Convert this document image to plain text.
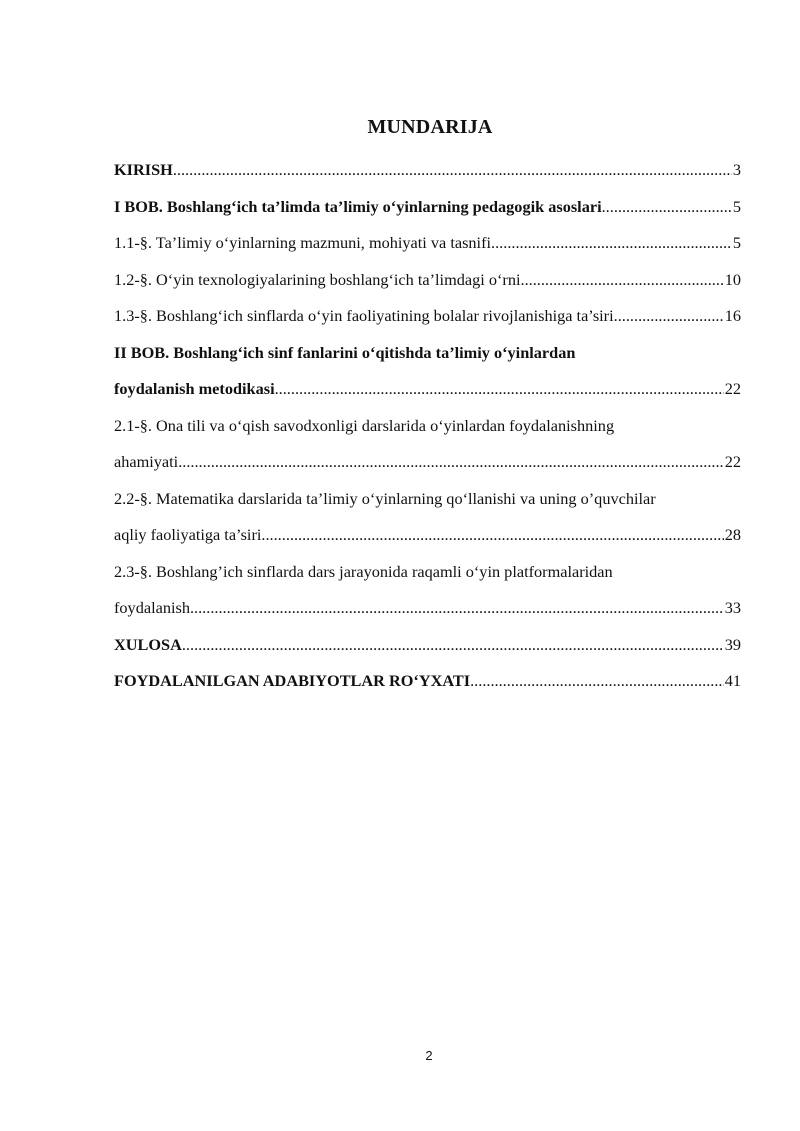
MUNDARIJA
KIRISH .....	3
I BOB. Boshlang‘ich ta’limda ta’limiy o‘yinlarning pedagogik asoslari .....	5
1.1-§. Ta’limiy o‘yinlarning mazmuni, mohiyati va tasnifi .....	5
1.2-§. O‘yin texnologiyalarining boshlang‘ich ta’limdagi o‘rni .....	10
1.3-§. Boshlang‘ich sinflarda o‘yin faoliyatining bolalar rivojlanishiga ta’siri .....	16
II BOB. Boshlang‘ich sinf fanlarini o‘qitishda ta’limiy o‘yinlardan
foydalanish metodikasi .....	22
2.1-§. Ona tili va o‘qish savodxonligi darslarida o‘yinlardan foydalanishning
ahamiyati .....	22
2.2-§. Matematika darslarida ta’limiy o‘yinlarning qo‘llanishi va uning o’quvchilar
aqliy faoliyatiga ta’siri .....	28
2.3-§. Boshlang’ich sinflarda dars jarayonida raqamli o‘yin platformalaridan
foydalanish .....	33
XULOSA .....	39
FOYDALANILGAN ADABIYOTLAR RO‘YXATI .....	41
2
